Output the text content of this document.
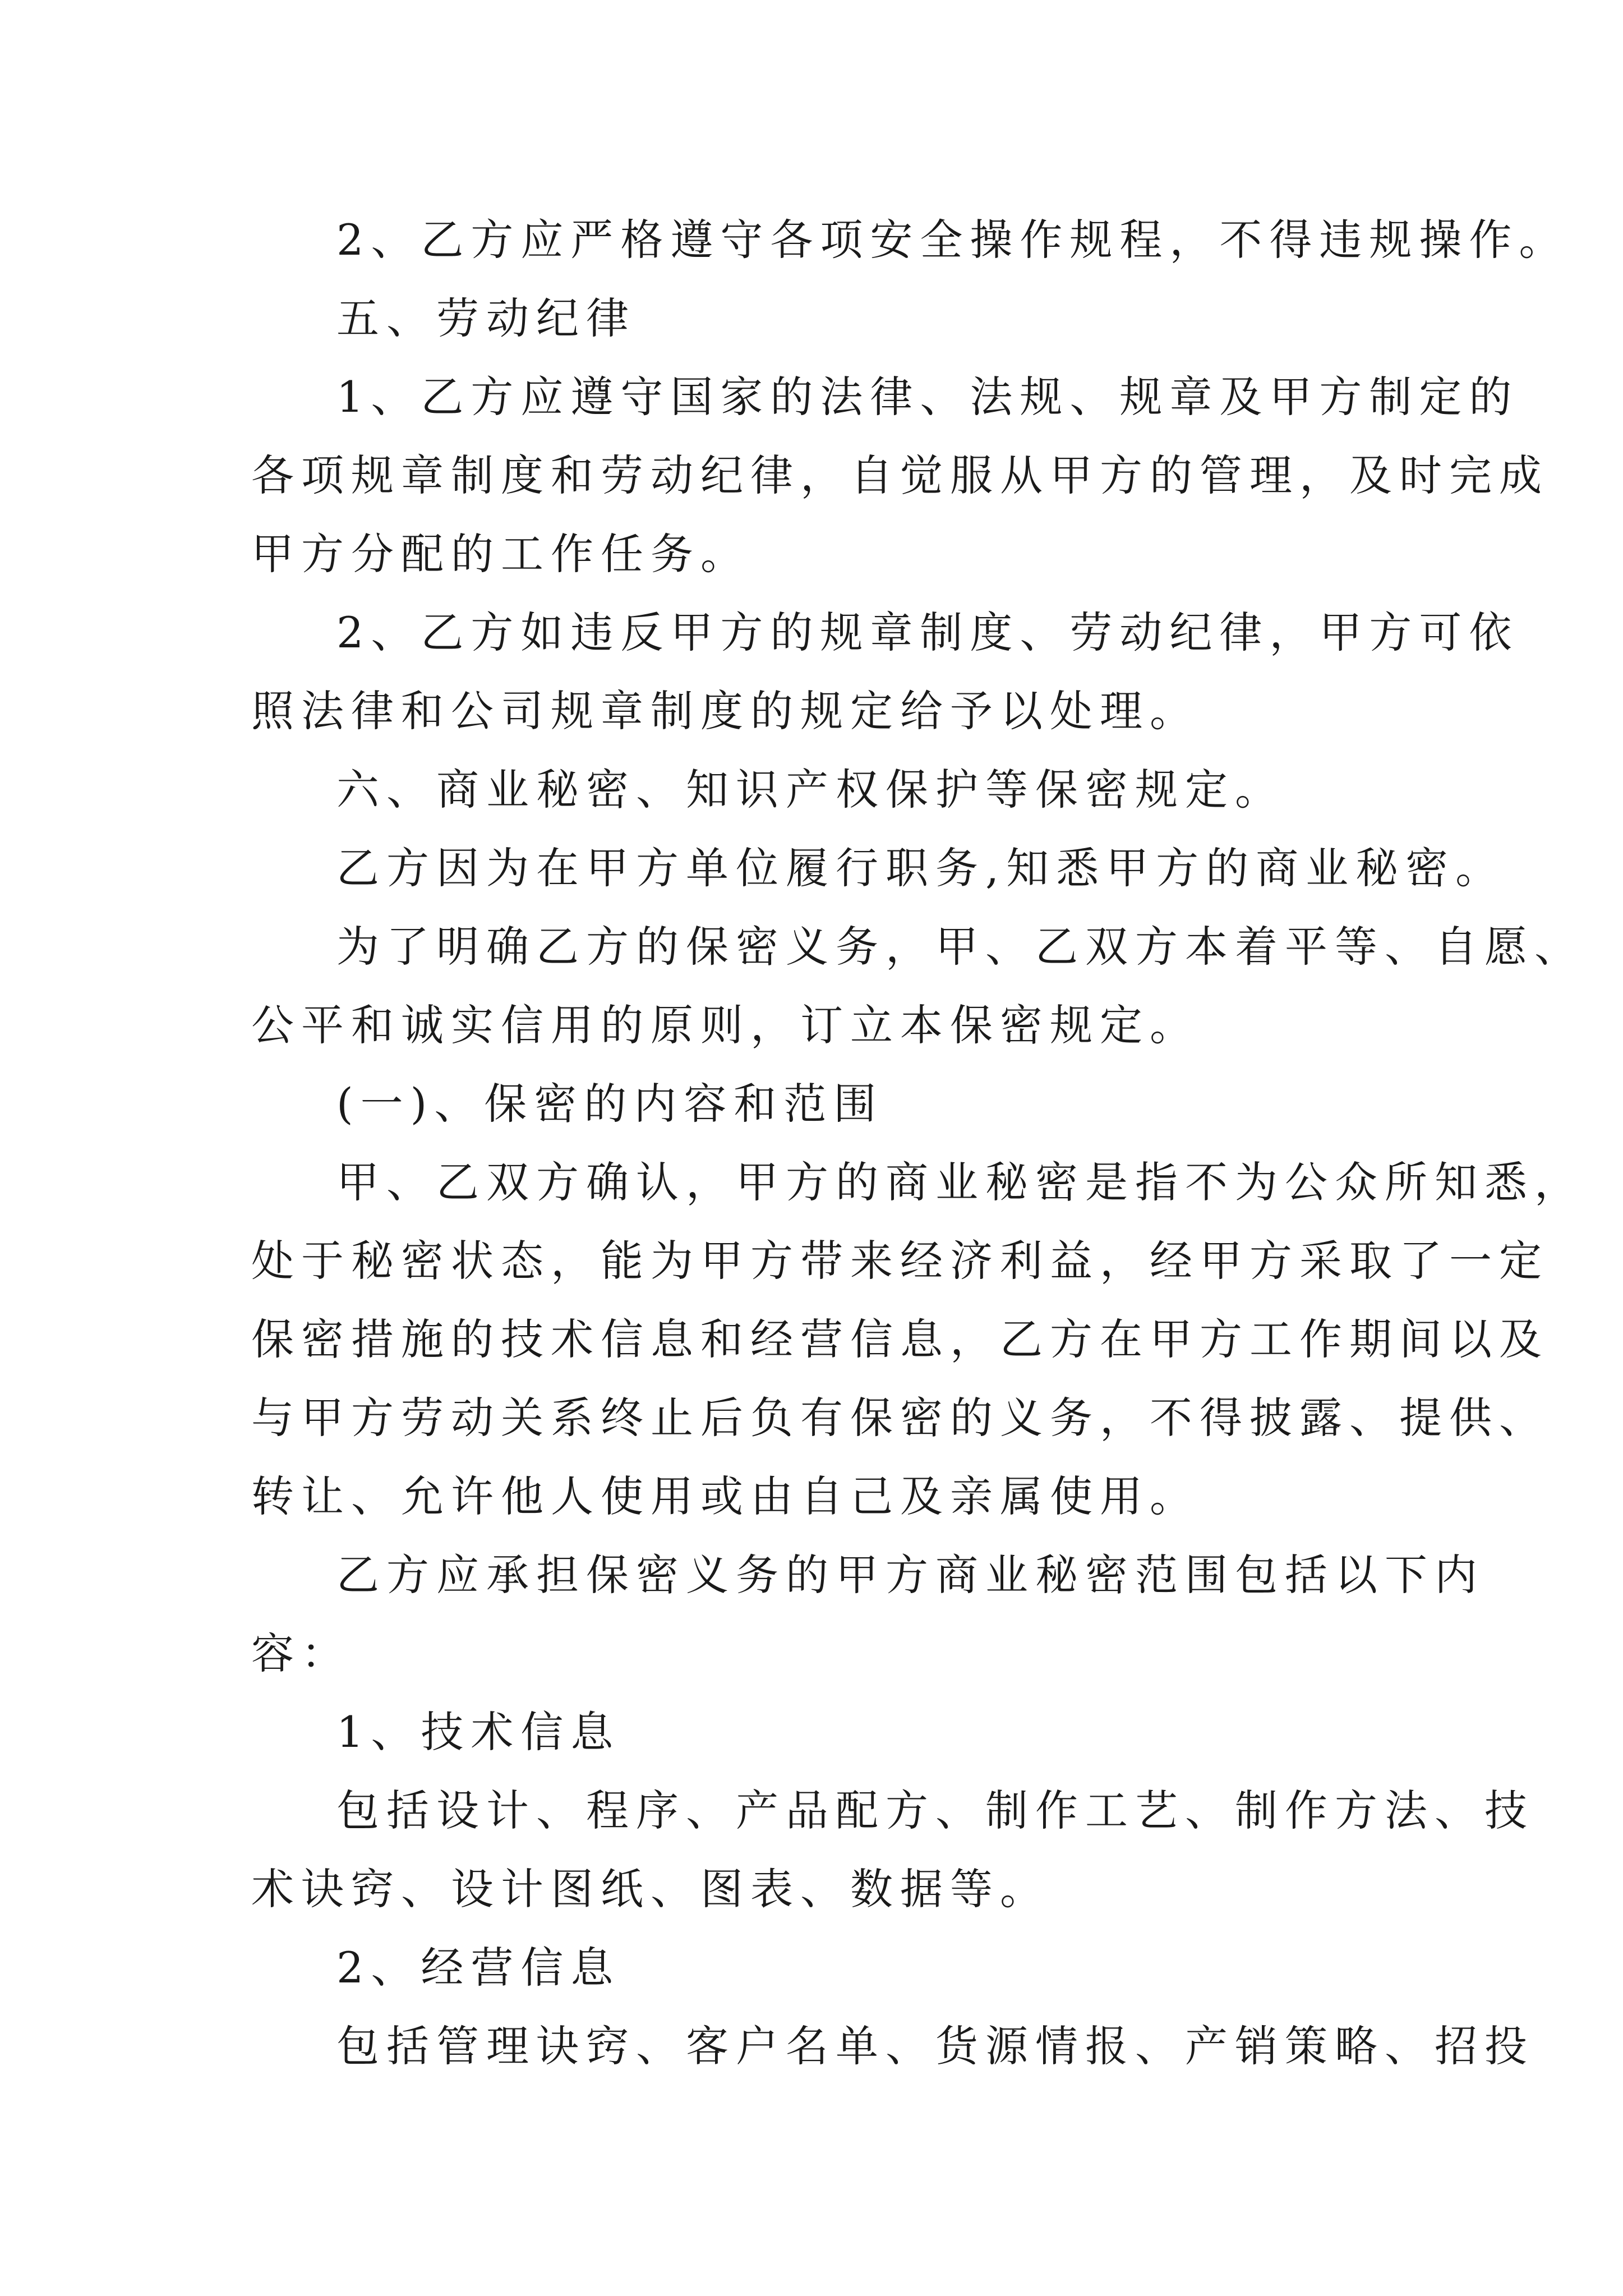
2、乙方应严格遵守各项安全操作规程，不得违规操作。

五、劳动纪律

1、乙方应遵守国家的法律、法规、规章及甲方制定的

各项规章制度和劳动纪律，自觉服从甲方的管理，及时完成

甲方分配的工作任务。

2、乙方如违反甲方的规章制度、劳动纪律，甲方可依

照法律和公司规章制度的规定给予以处理。

六、商业秘密、知识产权保护等保密规定。

乙方因为在甲方单位履行职务,知悉甲方的商业秘密。

为了明确乙方的保密义务，甲、乙双方本着平等、自愿、

公平和诚实信用的原则，订立本保密规定。

(一)、保密的内容和范围

甲、乙双方确认，甲方的商业秘密是指不为公众所知悉，

处于秘密状态，能为甲方带来经济利益，经甲方采取了一定

保密措施的技术信息和经营信息，乙方在甲方工作期间以及

与甲方劳动关系终止后负有保密的义务，不得披露、提供、

转让、允许他人使用或由自己及亲属使用。

乙方应承担保密义务的甲方商业秘密范围包括以下内

容：

1、技术信息

包括设计、程序、产品配方、制作工艺、制作方法、技

术诀窍、设计图纸、图表、数据等。

2、经营信息

包括管理诀窍、客户名单、货源情报、产销策略、招投
